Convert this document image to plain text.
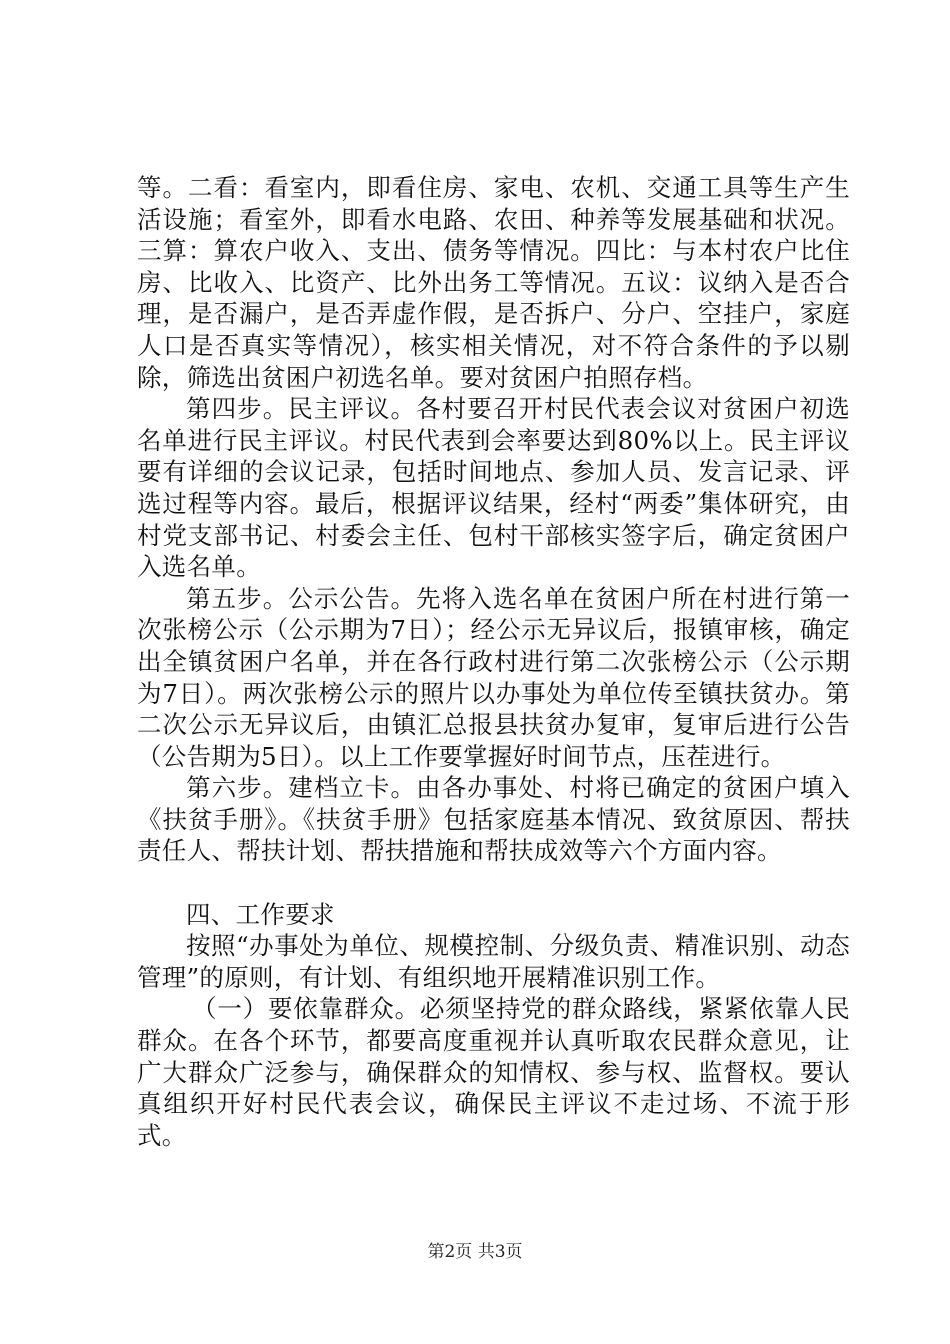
等。二看：看室内，即看住房、家电、农机、交通工具等生产生活设施；看室外，即看水电路、农田、种养等发展基础和状况。三算：算农户收入、支出、债务等情况。四比：与本村农户比住房、比收入、比资产、比外出务工等情况。五议：议纳入是否合理，是否漏户，是否弄虚作假，是否拆户、分户、空挂户，家庭人口是否真实等情况），核实相关情况，对不符合条件的予以剔除，筛选出贫困户初选名单。要对贫困户拍照存档。

第四步。民主评议。各村要召开村民代表会议对贫困户初选名单进行民主评议。村民代表到会率要达到80%以上。民主评议要有详细的会议记录，包括时间地点、参加人员、发言记录、评选过程等内容。最后，根据评议结果，经村“两委”集体研究，由村党支部书记、村委会主任、包村干部核实签字后，确定贫困户入选名单。

第五步。公示公告。先将入选名单在贫困户所在村进行第一次张榜公示（公示期为7日）；经公示无异议后，报镇审核，确定出全镇贫困户名单，并在各行政村进行第二次张榜公示（公示期为7日）。两次张榜公示的照片以办事处为单位传至镇扶贫办。第二次公示无异议后，由镇汇总报县扶贫办复审，复审后进行公告（公告期为5日）。以上工作要掌握好时间节点，压茬进行。

第六步。建档立卡。由各办事处、村将已确定的贫困户填入《扶贫手册》。《扶贫手册》包括家庭基本情况、致贫原因、帮扶责任人、帮扶计划、帮扶措施和帮扶成效等六个方面内容。

四、工作要求

按照“办事处为单位、规模控制、分级负责、精准识别、动态管理”的原则，有计划、有组织地开展精准识别工作。

（一）要依靠群众。必须坚持党的群众路线，紧紧依靠人民群众。在各个环节，都要高度重视并认真听取农民群众意见，让广大群众广泛参与，确保群众的知情权、参与权、监督权。要认真组织开好村民代表会议，确保民主评议不走过场、不流于形式。

第2页 共3页
